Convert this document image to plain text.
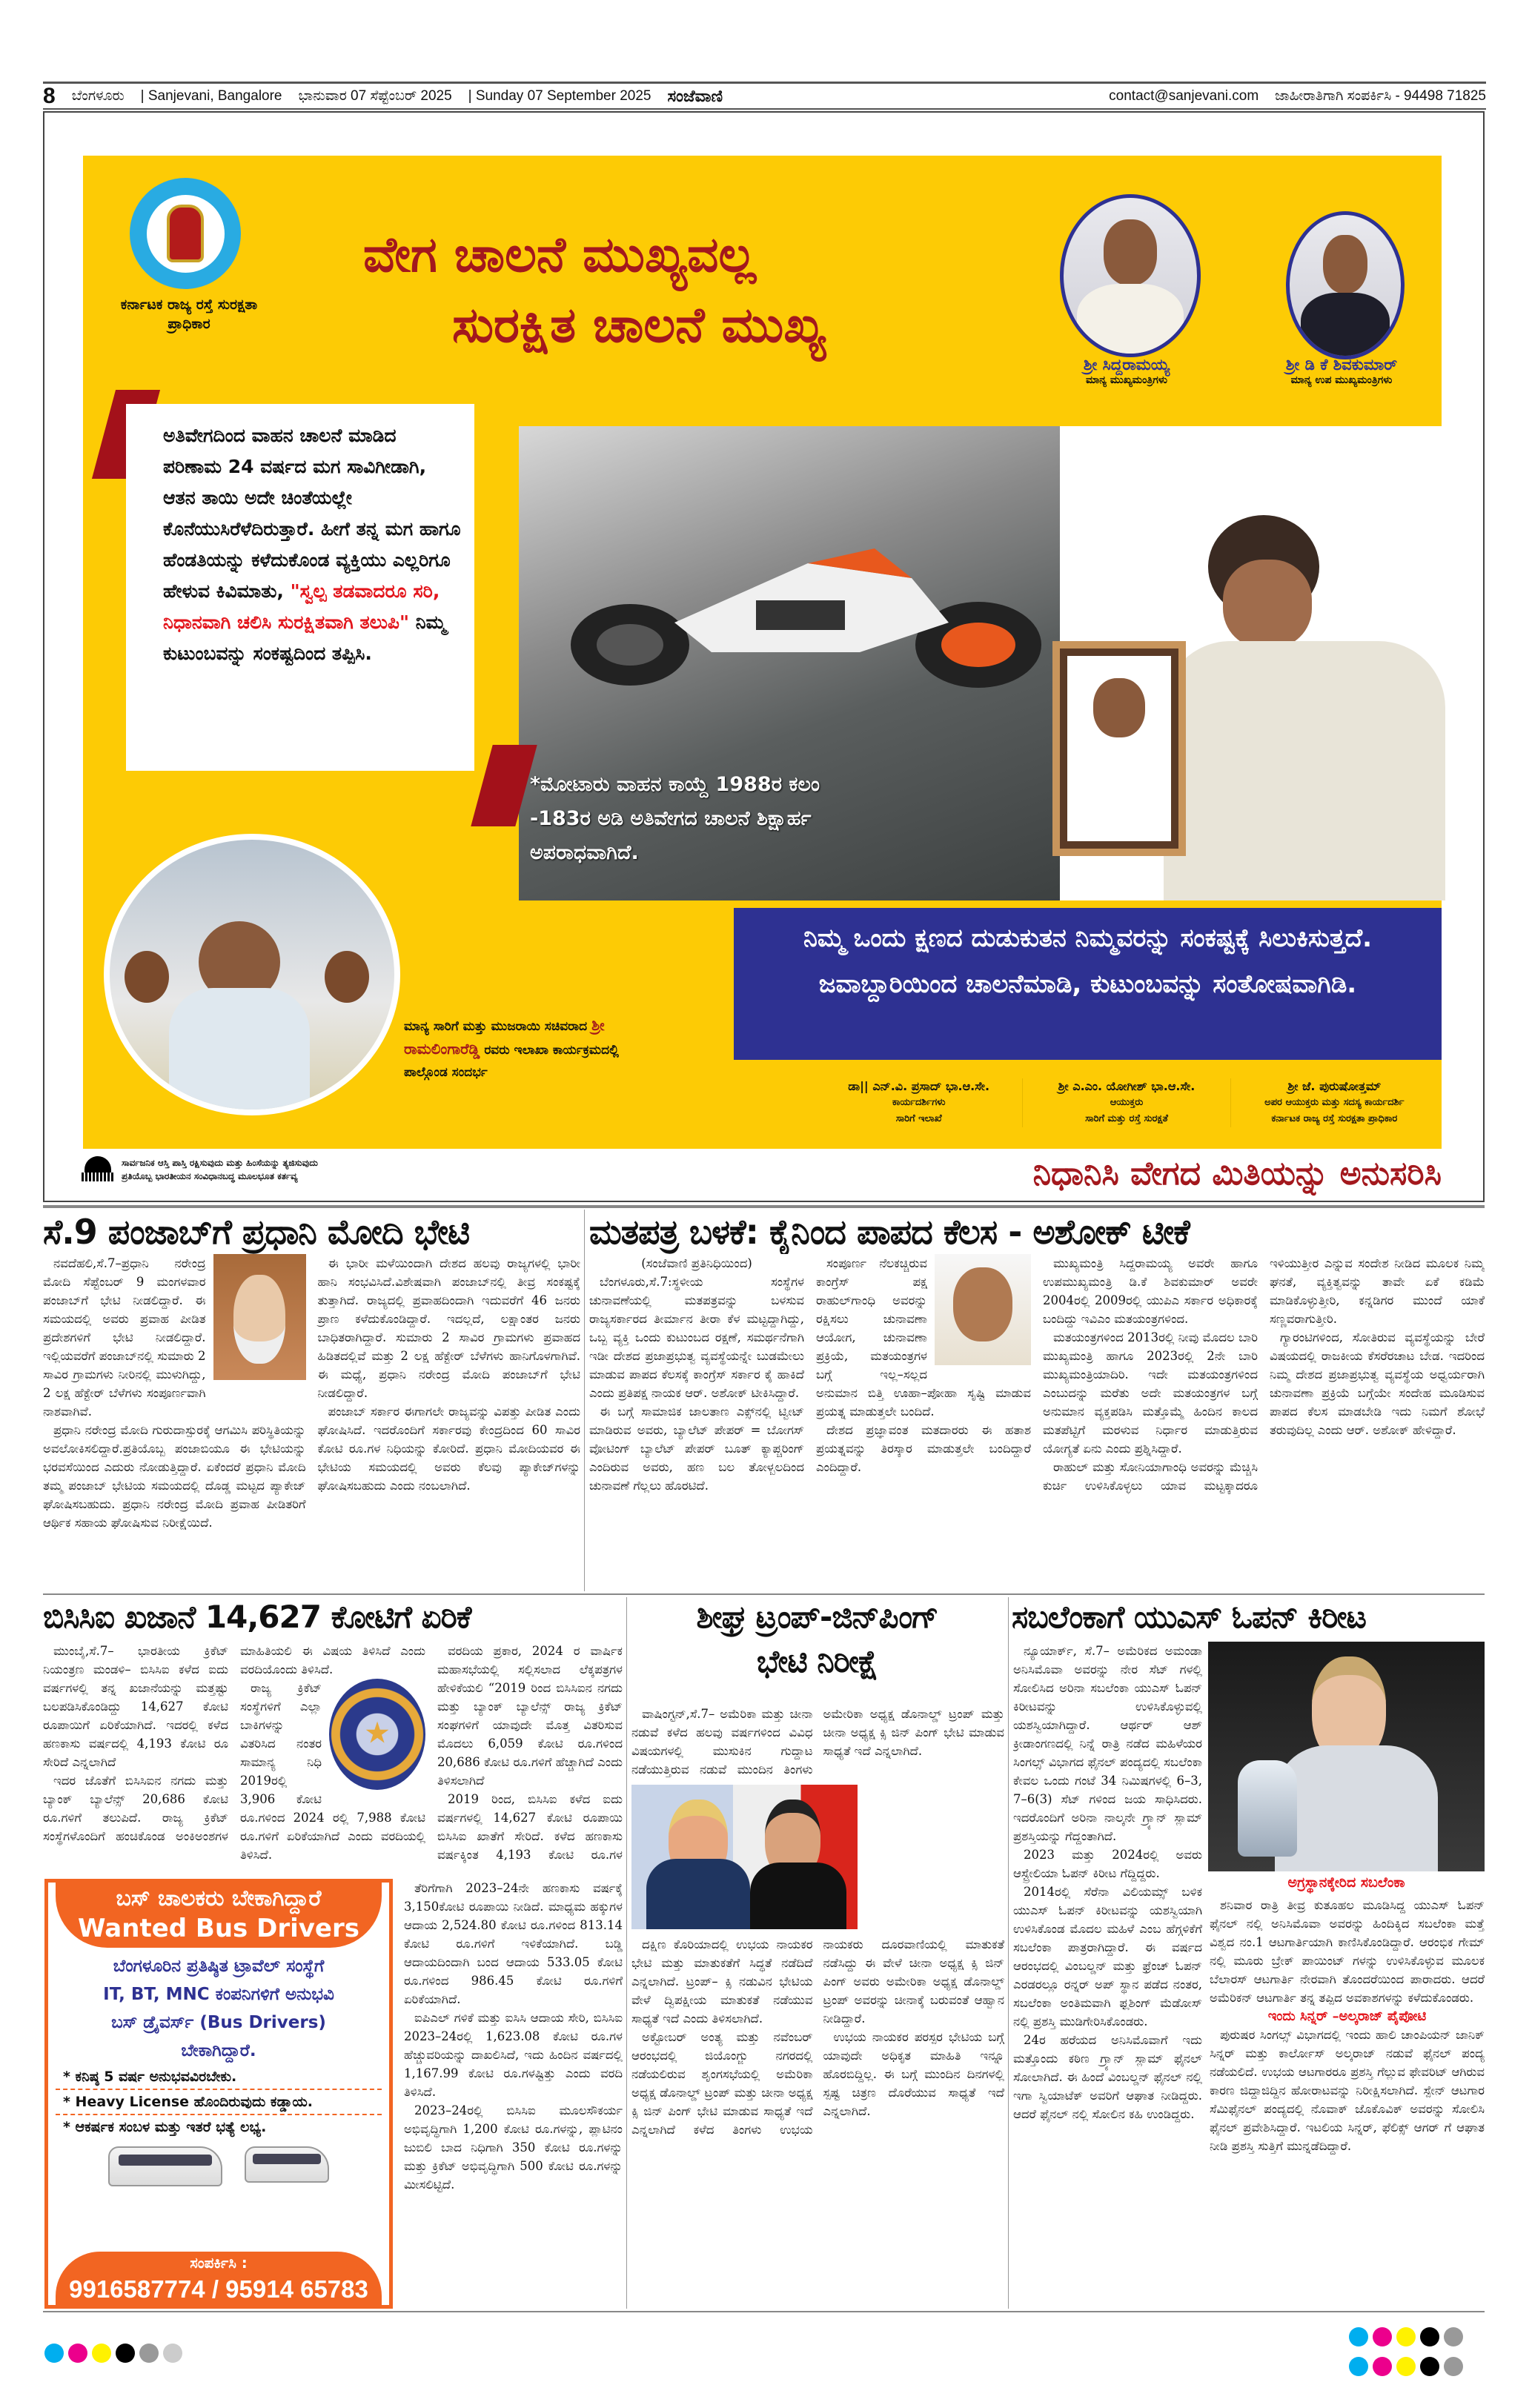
8 ಬೆಂಗಳೂರು | Sanjevani, Bangalore ಭಾನುವಾರ 07 ಸೆಪ್ಟೆಂಬರ್ 2025 | Sunday 07 September 2025 ಸಂಜೆವಾಣಿ	contact@sanjevani.com ಜಾಹೀರಾತಿಗಾಗಿ ಸಂಪರ್ಕಿಸಿ - 94498 71825
ಕರ್ನಾಟಕ ರಾಜ್ಯ ರಸ್ತೆ ಸುರಕ್ಷತಾ ಪ್ರಾಧಿಕಾರ
ವೇಗ ಚಾಲನೆ ಮುಖ್ಯವಲ್ಲ
ಸುರಕ್ಷಿತ ಚಾಲನೆ ಮುಖ್ಯ
ಶ್ರೀ ಸಿದ್ದರಾಮಯ್ಯ
ಮಾನ್ಯ ಮುಖ್ಯಮಂತ್ರಿಗಳು
ಶ್ರೀ ಡಿ ಕೆ ಶಿವಕುಮಾರ್
ಮಾನ್ಯ ಉಪ ಮುಖ್ಯಮಂತ್ರಿಗಳು
ಅತಿವೇಗದಿಂದ ವಾಹನ ಚಾಲನೆ ಮಾಡಿದ ಪರಿಣಾಮ 24 ವರ್ಷದ ಮಗ ಸಾವಿಗೀಡಾಗಿ, ಆತನ ತಾಯಿ ಅದೇ ಚಿಂತೆಯಲ್ಲೇ ಕೊನೆಯುಸಿರೆಳೆದಿರುತ್ತಾರೆ. ಹೀಗೆ ತನ್ನ ಮಗ ಹಾಗೂ ಹೆಂಡತಿಯನ್ನು ಕಳೆದುಕೊಂಡ ವ್ಯಕ್ತಿಯು ಎಲ್ಲರಿಗೂ ಹೇಳುವ ಕಿವಿಮಾತು, "ಸ್ವಲ್ಪ ತಡವಾದರೂ ಸರಿ, ನಿಧಾನವಾಗಿ ಚಲಿಸಿ ಸುರಕ್ಷಿತವಾಗಿ ತಲುಪಿ" ನಿಮ್ಮ ಕುಟುಂಬವನ್ನು ಸಂಕಷ್ಟದಿಂದ ತಪ್ಪಿಸಿ.
*ಮೋಟಾರು ವಾಹನ ಕಾಯ್ದೆ 1988ರ ಕಲಂ -183ರ ಅಡಿ ಅತಿವೇಗದ ಚಾಲನೆ ಶಿಕ್ಷಾರ್ಹ ಅಪರಾಧವಾಗಿದೆ.
ನಿಮ್ಮ ಒಂದು ಕ್ಷಣದ ದುಡುಕುತನ ನಿಮ್ಮವರನ್ನು ಸಂಕಷ್ಟಕ್ಕೆ ಸಿಲುಕಿಸುತ್ತದೆ. ಜವಾಬ್ದಾರಿಯಿಂದ ಚಾಲನೆಮಾಡಿ, ಕುಟುಂಬವನ್ನು ಸಂತೋಷವಾಗಿಡಿ.
ಮಾನ್ಯ ಸಾರಿಗೆ ಮತ್ತು ಮುಜರಾಯಿ ಸಚಿವರಾದ ಶ್ರೀ ರಾಮಲಿಂಗಾರೆಡ್ಡಿ ರವರು ಇಲಾಖಾ ಕಾರ್ಯಕ್ರಮದಲ್ಲಿ ಪಾಲ್ಗೊಂಡ ಸಂದರ್ಭ
ಡಾ|| ಎನ್.ವಿ. ಪ್ರಸಾದ್ ಭಾ.ಆ.ಸೇ.
ಕಾರ್ಯದರ್ಶಿಗಳು
ಸಾರಿಗೆ ಇಲಾಖೆ
ಶ್ರೀ ಎ.ಎಂ. ಯೋಗೀಶ್ ಭಾ.ಆ.ಸೇ.
ಆಯುಕ್ತರು
ಸಾರಿಗೆ ಮತ್ತು ರಸ್ತೆ ಸುರಕ್ಷತೆ
ಶ್ರೀ ಜೆ. ಪುರುಷೋತ್ತಮ್
ಅಪರ ಆಯುಕ್ತರು ಮತ್ತು ಸದಸ್ಯ ಕಾರ್ಯದರ್ಶಿ
ಕರ್ನಾಟಕ ರಾಜ್ಯ ರಸ್ತೆ ಸುರಕ್ಷತಾ ಪ್ರಾಧಿಕಾರ
ಸಾರ್ವಜನಿಕ ಆಸ್ತಿ ಪಾಸ್ತಿ ರಕ್ಷಿಸುವುದು ಮತ್ತು ಹಿಂಸೆಯನ್ನು ತ್ಯಜಿಸುವುದು
ಪ್ರತಿಯೊಬ್ಬ ಭಾರತೀಯನ ಸಂವಿಧಾನಬದ್ಧ ಮೂಲಭೂತ ಕರ್ತವ್ಯ	ನಿಧಾನಿಸಿ ವೇಗದ ಮಿತಿಯನ್ನು ಅನುಸರಿಸಿ
ಸೆ.9 ಪಂಜಾಬ್‌ಗೆ ಪ್ರಧಾನಿ ಮೋದಿ ಭೇಟಿ

ನವದೆಹಲಿ,ಸೆ.7–ಪ್ರಧಾನಿ ನರೇಂದ್ರ ಮೋದಿ ಸೆಪ್ಟೆಂಬರ್ 9 ಮಂಗಳವಾರ ಪಂಜಾಬ್‌ಗೆ ಭೇಟಿ ನೀಡಲಿದ್ದಾರೆ. ಈ ಸಮಯದಲ್ಲಿ ಅವರು ಪ್ರವಾಹ ಪೀಡಿತ ಪ್ರದೇಶಗಳಿಗೆ ಭೇಟಿ ನೀಡಲಿದ್ದಾರೆ. ಇಲ್ಲಿಯವರೆಗೆ ಪಂಜಾಬ್‌ನಲ್ಲಿ ಸುಮಾರು 2 ಸಾವಿರ ಗ್ರಾಮಗಳು ನೀರಿನಲ್ಲಿ ಮುಳುಗಿದ್ದು, 2 ಲಕ್ಷ ಹೆಕ್ಟೇರ್ ಬೆಳೆಗಳು ಸಂಪೂರ್ಣವಾಗಿ ನಾಶವಾಗಿವೆ.

ಪ್ರಧಾನಿ ನರೇಂದ್ರ ಮೋದಿ ಗುರುದಾಸ್ಪುರಕ್ಕೆ ಆಗಮಿಸಿ ಪರಿಸ್ಥಿತಿಯನ್ನು ಅವಲೋಕಿಸಲಿದ್ದಾರೆ.ಪ್ರತಿಯೊಬ್ಬ ಪಂಜಾಬಿಯೂ ಈ ಭೇಟಿಯನ್ನು ಭರವಸೆಯಿಂದ ಎದುರು ನೋಡುತ್ತಿದ್ದಾರೆ. ಏಕೆಂದರೆ ಪ್ರಧಾನಿ ಮೋದಿ ತಮ್ಮ ಪಂಜಾಬ್ ಭೇಟಿಯ ಸಮಯದಲ್ಲಿ ದೊಡ್ಡ ಮಟ್ಟದ ಪ್ಯಾಕೇಜ್ ಘೋಷಿಸಬಹುದು. ಪ್ರಧಾನಿ ನರೇಂದ್ರ ಮೋದಿ ಪ್ರವಾಹ ಪೀಡಿತರಿಗೆ ಆರ್ಥಿಕ ಸಹಾಯ ಘೋಷಿಸುವ ನಿರೀಕ್ಷೆಯಿದೆ.

ಈ ಭಾರೀ ಮಳೆಯಿಂದಾಗಿ ದೇಶದ ಹಲವು ರಾಜ್ಯಗಳಲ್ಲಿ ಭಾರೀ ಹಾನಿ ಸಂಭವಿಸಿದೆ.ವಿಶೇಷವಾಗಿ ಪಂಜಾಬ್‌ನಲ್ಲಿ ತೀವ್ರ ಸಂಕಷ್ಟಕ್ಕೆ ತುತ್ತಾಗಿದೆ. ರಾಜ್ಯದಲ್ಲಿ ಪ್ರವಾಹದಿಂದಾಗಿ ಇದುವರೆಗೆ 46 ಜನರು ಪ್ರಾಣ ಕಳೆದುಕೊಂಡಿದ್ದಾರೆ. ಇದಲ್ಲದೆ, ಲಕ್ಷಾಂತರ ಜನರು ಬಾಧಿತರಾಗಿದ್ದಾರೆ. ಸುಮಾರು 2 ಸಾವಿರ ಗ್ರಾಮಗಳು ಪ್ರವಾಹದ ಹಿಡಿತದಲ್ಲಿವೆ ಮತ್ತು 2 ಲಕ್ಷ ಹೆಕ್ಟೇರ್ ಬೆಳೆಗಳು ಹಾನಿಗೊಳಗಾಗಿವೆ. ಈ ಮಧ್ಯೆ, ಪ್ರಧಾನಿ ನರೇಂದ್ರ ಮೋದಿ ಪಂಜಾಬ್‌ಗೆ ಭೇಟಿ ನೀಡಲಿದ್ದಾರೆ.

ಪಂಜಾಬ್ ಸರ್ಕಾರ ಈಗಾಗಲೇ ರಾಜ್ಯವನ್ನು ವಿಪತ್ತು ಪೀಡಿತ ಎಂದು ಘೋಷಿಸಿದೆ. ಇದರೊಂದಿಗೆ ಸರ್ಕಾರವು ಕೇಂದ್ರದಿಂದ 60 ಸಾವಿರ ಕೋಟಿ ರೂ.ಗಳ ನಿಧಿಯನ್ನು ಕೋರಿದೆ. ಪ್ರಧಾನಿ ಮೋದಿಯವರ ಈ ಭೇಟಿಯ ಸಮಯದಲ್ಲಿ ಅವರು ಕೆಲವು ಪ್ಯಾಕೇಜ್‌ಗಳನ್ನು ಘೋಷಿಸಬಹುದು ಎಂದು ನಂಬಲಾಗಿದೆ.

ಮತಪತ್ರ ಬಳಕೆ: ಕೈನಿಂದ ಪಾಪದ ಕೆಲಸ - ಅಶೋಕ್ ಟೀಕೆ

(ಸಂಜೆವಾಣಿ ಪ್ರತಿನಿಧಿಯಿಂದ)

ಬೆಂಗಳೂರು,ಸೆ.7:ಸ್ಥಳೀಯ ಸಂಸ್ಥೆಗಳ ಚುನಾವಣೆಯಲ್ಲಿ ಮತಪತ್ರವನ್ನು ಬಳಸುವ ರಾಜ್ಯಸರ್ಕಾರದ ತೀರ್ಮಾನ ತೀರಾ ಕೆಳ ಮಟ್ಟದ್ದಾಗಿದ್ದು, ಒಬ್ಬ ವ್ಯಕ್ತಿ ಒಂದು ಕುಟುಂಬದ ರಕ್ಷಣೆ, ಸಮರ್ಥನೆಗಾಗಿ ಇಡೀ ದೇಶದ ಪ್ರಜಾಪ್ರಭುತ್ವ ವ್ಯವಸ್ಥೆಯನ್ನೇ ಬುಡಮೇಲು ಮಾಡುವ ಪಾಪದ ಕೆಲಸಕ್ಕೆ ಕಾಂಗ್ರೆಸ್ ಸರ್ಕಾರ ಕೈ ಹಾಕಿದೆ ಎಂದು ಪ್ರತಿಪಕ್ಷ ನಾಯಕ ಆರ್. ಅಶೋಕ್ ಟೀಕಿಸಿದ್ದಾರೆ.

ಈ ಬಗ್ಗೆ ಸಾಮಾಜಿಕ ಜಾಲತಾಣ ಎಕ್ಸ್‌ನಲ್ಲಿ ಟ್ವೀಟ್ ಮಾಡಿರುವ ಅವರು, ಬ್ಯಾಲೆಟ್ ಪೇಪರ್ = ಬೋಗಸ್ ವೋಟಿಂಗ್ ಬ್ಯಾಲೆಟ್ ಪೇಪರ್ ಬೂತ್ ಕ್ಯಾಪ್ಚರಿಂಗ್ ಎಂದಿರುವ ಅವರು, ಹಣ ಬಲ ತೋಳ್ಬಲದಿಂದ ಚುನಾವಣೆ ಗೆಲ್ಲಲು ಹೊರಟಿದೆ.

ಸಂಪೂರ್ಣ ನೆಲಕಚ್ಚಿರುವ ಕಾಂಗ್ರೆಸ್ ಪಕ್ಷ ರಾಹುಲ್‌ಗಾಂಧಿ ಅವರನ್ನು ರಕ್ಷಿಸಲು ಚುನಾವಣಾ ಆಯೋಗ, ಚುನಾವಣಾ ಪ್ರಕ್ರಿಯೆ, ಮತಯಂತ್ರಗಳ ಬಗ್ಗೆ ಇಲ್ಲ–ಸಲ್ಲದ ಅನುಮಾನ ಬಿತ್ತಿ ಊಹಾ–ಪೋಹಾ ಸೃಷ್ಟಿ ಮಾಡುವ ಪ್ರಯತ್ನ ಮಾಡುತ್ತಲೇ ಬಂದಿದೆ.

ದೇಶದ ಪ್ರಜ್ಞಾವಂತ ಮತದಾರರು ಈ ಹತಾಶ ಪ್ರಯತ್ನವನ್ನು ತಿರಸ್ಕಾರ ಮಾಡುತ್ತಲೇ ಬಂದಿದ್ದಾರೆ ಎಂದಿದ್ದಾರೆ.

ಮುಖ್ಯಮಂತ್ರಿ ಸಿದ್ದರಾಮಯ್ಯ ಅವರೇ ಹಾಗೂ ಉಪಮುಖ್ಯಮಂತ್ರಿ ಡಿ.ಕೆ ಶಿವಕುಮಾರ್ ಅವರೇ 2004ರಲ್ಲಿ 2009ರಲ್ಲಿ ಯುಪಿಎ ಸರ್ಕಾರ ಅಧಿಕಾರಕ್ಕೆ ಬಂದಿದ್ದು ಇವಿಎಂ ಮತಯಂತ್ರಗಳಿಂದ.

ಮತಯಂತ್ರಗಳಿಂದ 2013ರಲ್ಲಿ ನೀವು ಮೊದಲ ಬಾರಿ ಮುಖ್ಯಮಂತ್ರಿ ಹಾಗೂ 2023ರಲ್ಲಿ 2ನೇ ಬಾರಿ ಮುಖ್ಯಮಂತ್ರಿಯಾದಿರಿ. ಇದೇ ಮತಯಂತ್ರಗಳಿಂದ ಎಂಬುದನ್ನು ಮರೆತು ಅದೇ ಮತಯಂತ್ರಗಳ ಬಗ್ಗೆ ಅನುಮಾನ ವ್ಯಕ್ತಪಡಿಸಿ ಮತ್ತೊಮ್ಮೆ ಹಿಂದಿನ ಕಾಲದ ಮತಪೆಟ್ಟಿಗೆ ಮರಳುವ ನಿರ್ಧಾರ ಮಾಡುತ್ತಿರುವ ಯೋಗ್ಯತೆ ಏನು ಎಂದು ಪ್ರಶ್ನಿಸಿದ್ದಾರೆ.

ರಾಹುಲ್ ಮತ್ತು ಸೋನಿಯಾಗಾಂಧಿ ಅವರನ್ನು ಮೆಚ್ಚಿಸಿ ಕುರ್ಚಿ ಉಳಿಸಿಕೊಳ್ಳಲು ಯಾವ ಮಟ್ಟಕ್ಕಾದರೂ ಇಳಿಯುತ್ತೀರ ಎನ್ನುವ ಸಂದೇಶ ನೀಡಿದ ಮೂಲಕ ನಿಮ್ಮ ಘನತೆ, ವ್ಯಕ್ತಿತ್ವವನ್ನು ತಾವೇ ಏಕೆ ಕಡಿಮೆ ಮಾಡಿಕೊಳ್ಳುತ್ತೀರಿ, ಕನ್ನಡಿಗರ ಮುಂದೆ ಯಾಕೆ ಸಣ್ಣವರಾಗುತ್ತೀರಿ.

ಗ್ಯಾರಂಟಿಗಳಿಂದ, ಸೋತಿರುವ ವ್ಯವಸ್ಥೆಯನ್ನು ಬೇರೆ ವಿಷಯದಲ್ಲಿ ರಾಜಕೀಯ ಕೆಸರೆರಚಾಟ ಬೇಡ. ಇದರಿಂದ ನಿಮ್ಮ ದೇಶದ ಪ್ರಜಾಪ್ರಭುತ್ವ ವ್ಯವಸ್ಥೆಯ ಅಧ್ವರ್ಯರಾಗಿ ಚುನಾವಣಾ ಪ್ರಕ್ರಿಯೆ ಬಗ್ಗೆಯೇ ಸಂದೇಹ ಮೂಡಿಸುವ ಪಾಪದ ಕೆಲಸ ಮಾಡಬೇಡಿ ಇದು ನಿಮಗೆ ಶೋಭೆ ತರುವುದಿಲ್ಲ ಎಂದು ಆರ್. ಅಶೋಕ್ ಹೇಳಿದ್ದಾರೆ.

ಬಿಸಿಸಿಐ ಖಜಾನೆ 14,627 ಕೋಟಿಗೆ ಏರಿಕೆ

ಮುಂಬೈ,ಸೆ.7– ಭಾರತೀಯ ಕ್ರಿಕೆಟ್ ನಿಯಂತ್ರಣ ಮಂಡಳಿ– ಬಿಸಿಸಿಐ ಕಳೆದ ಐದು ವರ್ಷಗಳಲ್ಲಿ ತನ್ನ ಖಜಾನೆಯನ್ನು ಮತ್ತಷ್ಟು ಬಲಪಡಿಸಿಕೊಂಡಿದ್ದು 14,627 ಕೋಟಿ ರೂಪಾಯಿಗೆ ಏರಿಕೆಯಾಗಿದೆ. ಇದರಲ್ಲಿ ಕಳೆದ ಹಣಕಾಸು ವರ್ಷದಲ್ಲಿ 4,193 ಕೋಟಿ ರೂ ಸೇರಿದೆ ಎನ್ನಲಾಗಿದೆ

ಇದರ ಜೊತೆಗೆ ಬಿಸಿಸಿಐನ ನಗದು ಮತ್ತು ಬ್ಯಾಂಕ್ ಬ್ಯಾಲೆನ್ಸ್ 20,686 ಕೋಟಿ ರೂ.ಗಳಿಗೆ ತಲುಪಿದೆ. ರಾಜ್ಯ ಕ್ರಿಕೆಟ್ ಸಂಸ್ಥೆಗಳೊಂದಿಗೆ ಹಂಚಿಕೊಂಡ ಅಂಕಿಅಂಶಗಳ ಮಾಹಿತಿಯಲಿ ಈ ವಿಷಯ ತಿಳಿಸಿದೆ ಎಂದು ವರದಿಯೊಂದು ತಿಳಿಸಿದೆ.

★

ರಾಜ್ಯ ಕ್ರಿಕೆಟ್ ಸಂಸ್ಥೆಗಳಿಗೆ ಎಲ್ಲಾ ಬಾಕಿಗಳನ್ನು ವಿತರಿಸಿದ ನಂತರ ಸಾಮಾನ್ಯ ನಿಧಿ 2019ರಲ್ಲಿ 3,906 ಕೋಟಿ ರೂ.ಗಳಿಂದ 2024 ರಲ್ಲಿ 7,988 ಕೋಟಿ ರೂ.ಗಳಿಗೆ ಏರಿಕೆಯಾಗಿದೆ ಎಂದು ವರದಿಯಲ್ಲಿ ತಿಳಿಸಿದೆ.

ವರದಿಯ ಪ್ರಕಾರ, 2024 ರ ವಾರ್ಷಿಕ ಮಹಾಸಭೆಯಲ್ಲಿ ಸಲ್ಲಿಸಲಾದ ಲೆಕ್ಕಪತ್ರಗಳ ಹೇಳಿಕೆಯಲಿ “2019 ರಿಂದ ಬಿಸಿಸಿಐನ ನಗದು ಮತ್ತು ಬ್ಯಾಂಕ್ ಬ್ಯಾಲೆನ್ಸ್ ರಾಜ್ಯ ಕ್ರಿಕೆಟ್ ಸಂಘಗಳಿಗೆ ಯಾವುದೇ ಮೊತ್ತ ವಿತರಿಸುವ ಮೊದಲು 6,059 ಕೋಟಿ ರೂ.ಗಳಿಂದ 20,686 ಕೋಟಿ ರೂ.ಗಳಿಗೆ ಹೆಚ್ಚಾಗಿದೆ ಎಂದು ತಿಳಿಸಲಾಗಿದೆ

2019 ರಿಂದ, ಬಿಸಿಸಿಐ ಕಳೆದ ಐದು ವರ್ಷಗಳಲ್ಲಿ 14,627 ಕೋಟಿ ರೂಪಾಯಿ ಬಿಸಿಸಿಐ ಖಾತೆಗೆ ಸೇರಿದೆ. ಕಳೆದ ಹಣಕಾಸು ವರ್ಷಕ್ಕಿಂತ 4,193 ಕೋಟಿ ರೂ.ಗಳ

ತೆರಿಗೆಗಾಗಿ 2023–24ನೇ ಹಣಕಾಸು ವರ್ಷಕ್ಕೆ 3,150ಕೋಟಿ ರೂಪಾಯಿ ನೀಡಿದೆ. ಮಾಧ್ಯಮ ಹಕ್ಕುಗಳ ಆದಾಯ 2,524.80 ಕೋಟಿ ರೂ.ಗಳಿಂದ 813.14 ಕೋಟಿ ರೂ.ಗಳಿಗೆ ಇಳಿಕೆಯಾಗಿದೆ. ಬಡ್ಡಿ ಆದಾಯದಿಂದಾಗಿ ಬಂದ ಆದಾಯ 533.05 ಕೋಟಿ ರೂ.ಗಳಿಂದ 986.45 ಕೋಟಿ ರೂ.ಗಳಿಗೆ ಏರಿಕೆಯಾಗಿದೆ.

ಐಪಿಎಲ್ ಗಳಿಕೆ ಮತ್ತು ಐಸಿಸಿ ಆದಾಯ ಸೇರಿ, ಬಿಸಿಸಿಐ 2023–24ರಲ್ಲಿ 1,623.08 ಕೋಟಿ ರೂ.ಗಳ ಹೆಚ್ಚುವರಿಯನ್ನು ದಾಖಲಿಸಿದೆ, ಇದು ಹಿಂದಿನ ವರ್ಷದಲ್ಲಿ 1,167.99 ಕೋಟಿ ರೂ.ಗಳಷ್ಟಿತ್ತು ಎಂದು ವರದಿ ತಿಳಿಸಿದೆ.

2023–24ರಲ್ಲಿ ಬಿಸಿಸಿಐ ಮೂಲಸೌಕರ್ಯ ಅಭಿವೃದ್ಧಿಗಾಗಿ 1,200 ಕೋಟಿ ರೂ.ಗಳನ್ನು, ಪ್ಲಾಟಿನಂ ಜುಬಿಲಿ ಬಾದ ನಿಧಿಗಾಗಿ 350 ಕೋಟಿ ರೂ.ಗಳನ್ನು ಮತ್ತು ಕ್ರಿಕೆಟ್ ಅಭಿವೃದ್ಧಿಗಾಗಿ 500 ಕೋಟಿ ರೂ.ಗಳನ್ನು ಮೀಸಲಿಟ್ಟಿದೆ.

ಬಸ್ ಚಾಲಕರು ಬೇಕಾಗಿದ್ದಾರೆ
Wanted Bus Drivers
ಬೆಂಗಳೂರಿನ ಪ್ರತಿಷ್ಠಿತ ಟ್ರಾವೆಲ್ ಸಂಸ್ಥೆಗೆ
IT, BT, MNC ಕಂಪನಿಗಳಿಗೆ ಅನುಭವಿ
ಬಸ್ ಡ್ರೈವರ್ಸ್ (Bus Drivers)
ಬೇಕಾಗಿದ್ದಾರೆ.
* ಕನಿಷ್ಠ 5 ವರ್ಷ ಅನುಭವವಿರಬೇಕು.
* Heavy License ಹೊಂದಿರುವುದು ಕಡ್ಡಾಯ.
* ಆಕರ್ಷಕ ಸಂಬಳ ಮತ್ತು ಇತರೆ ಭತ್ಯೆ ಲಭ್ಯ.
ಸಂಪರ್ಕಿಸಿ :
9916587774 / 95914 65783
ಶೀಘ್ರ ಟ್ರಂಪ್-ಜಿನ್‌ಪಿಂಗ್
ಭೇಟಿ ನಿರೀಕ್ಷೆ

ವಾಷಿಂಗ್ಟನ್,ಸೆ.7– ಅಮೆರಿಕಾ ಮತ್ತು ಚೀನಾ ನಡುವೆ ಕಳೆದ ಹಲವು ವರ್ಷಗಳಿಂದ ವಿವಿಧ ವಿಷಯಗಳಲ್ಲಿ ಮುಸುಕಿನ ಗುದ್ದಾಟ ನಡೆಯುತ್ತಿರುವ ನಡುವೆ ಮುಂದಿನ ತಿಂಗಳು ಅಮೇರಿಕಾ ಅಧ್ಯಕ್ಷ ಡೊನಾಲ್ಡ್ ಟ್ರಂಪ್ ಮತ್ತು ಚೀನಾ ಅಧ್ಯಕ್ಷ ಕ್ಸಿ ಜಿನ್ ಪಿಂಗ್ ಭೇಟಿ ಮಾಡುವ ಸಾಧ್ಯತೆ ಇದೆ ಎನ್ನಲಾಗಿದೆ.

ದಕ್ಷಿಣ ಕೊರಿಯಾದಲ್ಲಿ ಉಭಯ ನಾಯಕರ ಭೇಟಿ ಮತ್ತು ಮಾತುಕತೆಗೆ ಸಿದ್ಧತೆ ನಡೆದಿದೆ ಎನ್ನಲಾಗಿದೆ. ಟ್ರಂಪ್– ಕ್ಸಿ ನಡುವಿನ ಭೇಟಿಯ ವೇಳೆ ದ್ವಿಪಕ್ಷೀಯ ಮಾತುಕತೆ ನಡೆಯುವ ಸಾಧ್ಯತೆ ಇದೆ ಎಂದು ತಿಳಿಸಲಾಗಿದೆ.

ಅಕ್ಟೋಬರ್ ಅಂತ್ಯ ಮತ್ತು ನವೆಂಬರ್ ಆರಂಭದಲ್ಲಿ ಜಿಯೊಂಗ್ಜು ನಗರದಲ್ಲಿ ನಡೆಯಲಿರುವ ಶೃಂಗಸಭೆಯಲ್ಲಿ ಅಮೆರಿಕಾ ಅಧ್ಯಕ್ಷ ಡೊನಾಲ್ಡ್ ಟ್ರಂಪ್ ಮತ್ತು ಚೀನಾ ಅಧ್ಯಕ್ಷ ಕ್ಸಿ ಜಿನ್ ಪಿಂಗ್ ಭೇಟಿ ಮಾಡುವ ಸಾಧ್ಯತೆ ಇದೆ ಎನ್ನಲಾಗಿದೆ ಕಳೆದ ತಿಂಗಳು ಉಭಯ ನಾಯಕರು ದೂರವಾಣಿಯಲ್ಲಿ ಮಾತುಕತೆ ನಡೆಸಿದ್ದು ಈ ವೇಳೆ ಚೀನಾ ಅಧ್ಯಕ್ಷ ಕ್ಸಿ ಜಿನ್ ಪಿಂಗ್ ಅವರು ಅಮೇರಿಕಾ ಅಧ್ಯಕ್ಷ ಡೊನಾಲ್ಡ್ ಟ್ರಂಪ್ ಅವರನ್ನು ಚೀನಾಕ್ಕೆ ಬರುವಂತೆ ಆಹ್ವಾನ ನೀಡಿದ್ದಾರೆ.

ಉಭಯ ನಾಯಕರ ಪರಸ್ಪರ ಭೇಟಿಯ ಬಗ್ಗೆ ಯಾವುದೇ ಅಧಿಕೃತ ಮಾಹಿತಿ ಇನ್ನೂ ಹೊರಬಿದ್ದಿಲ್ಲ. ಈ ಬಗ್ಗೆ ಮುಂದಿನ ದಿನಗಳಲ್ಲಿ ಸ್ಪಷ್ಟ ಚಿತ್ರಣ ದೊರೆಯುವ ಸಾಧ್ಯತೆ ಇದೆ ಎನ್ನಲಾಗಿದೆ.

ಸಬಲೆಂಕಾಗೆ ಯುಎಸ್ ಓಪನ್ ಕಿರೀಟ
ಅಗ್ರಸ್ಥಾನಕ್ಕೇರಿದ ಸಬಲೆಂಕಾ

ನ್ಯೂಯಾರ್ಕ್, ಸೆ.7– ಅಮೆರಿಕದ ಅಮಂಡಾ ಅನಿಸಿಮೊವಾ ಅವರನ್ನು ನೇರ ಸೆಟ್ ಗಳಲ್ಲಿ ಸೋಲಿಸಿದ ಅರಿನಾ ಸಬಲೆಂಕಾ ಯುಎಸ್ ಓಪನ್ ಕಿರೀಟವನ್ನು ಉಳಿಸಿಕೊಳ್ಳುವಲ್ಲಿ ಯಶಸ್ವಿಯಾಗಿದ್ದಾರೆ. ಆರ್ಥರ್ ಆಶ್ ಕ್ರೀಡಾಂಗಣದಲ್ಲಿ ನಿನ್ನೆ ರಾತ್ರಿ ನಡೆದ ಮಹಿಳೆಯರ ಸಿಂಗಲ್ಸ್ ವಿಭಾಗದ ಫೈನಲ್ ಪಂದ್ಯದಲ್ಲಿ ಸಬಲೆಂಕಾ ಕೇವಲ ಒಂದು ಗಂಟೆ 34 ನಿಮಿಷಗಳಲ್ಲಿ 6–3, 7–6(3) ಸೆಟ್ ಗಳಿಂದ ಜಯ ಸಾಧಿಸಿದರು. ಇದರೊಂದಿಗೆ ಅರಿನಾ ನಾಲ್ಕನೇ ಗ್ರ್ಯಾನ್ ಸ್ಲಾಮ್ ಪ್ರಶಸ್ತಿಯನ್ನು ಗೆದ್ದಂತಾಗಿದೆ.

2023 ಮತ್ತು 2024ರಲ್ಲಿ ಅವರು ಆಸ್ಟ್ರೇಲಿಯಾ ಓಪನ್ ಕಿರೀಟ ಗೆದ್ದಿದ್ದರು.

2014ರಲ್ಲಿ ಸೆರೆನಾ ವಿಲಿಯಮ್ಸ್ ಬಳಿಕ ಯುಎಸ್ ಓಪನ್ ಕಿರೀಟವನ್ನು ಯಶಸ್ವಿಯಾಗಿ ಉಳಿಸಿಕೊಂಡ ಮೊದಲ ಮಹಿಳೆ ಎಂಬ ಹೆಗ್ಗಳಿಕೆಗೆ ಸಬಲೆಂಕಾ ಪಾತ್ರರಾಗಿದ್ದಾರೆ. ಈ ವರ್ಷದ ಆರಂಭದಲ್ಲಿ ವಿಂಬಲ್ಡನ್ ಮತ್ತು ಫ್ರೆಂಚ್ ಓಪನ್ ಎರಡರಲ್ಲೂ ರನ್ನರ್ ಅಪ್ ಸ್ಥಾನ ಪಡೆದ ನಂತರ, ಸಬಲೆಂಕಾ ಅಂತಿಮವಾಗಿ ಫ್ಲಶಿಂಗ್ ಮೆಡೋಸ್ ನಲ್ಲಿ ಪ್ರಶಸ್ತಿ ಮುಡಿಗೇರಿಸಿಕೊಂಡರು.

24ರ ಹರೆಯದ ಅನಿಸಿಮೊವಾಗೆ ಇದು ಮತ್ತೊಂದು ಕಠಿಣ ಗ್ರ್ಯಾನ್ ಸ್ಲಾಮ್ ಫೈನಲ್ ಸೋಲಾಗಿದೆ. ಈ ಹಿಂದೆ ವಿಂಬಲ್ಡನ್ ಫೈನಲ್ ನಲ್ಲಿ ಇಗಾ ಸ್ವಿಯಾಟೆಕ್ ಅವರಿಗೆ ಆಘಾತ ನೀಡಿದ್ದರು. ಆದರೆ ಫೈನಲ್ ನಲ್ಲಿ ಸೋಲಿನ ಕಹಿ ಉಂಡಿದ್ದರು.

ಶನಿವಾರ ರಾತ್ರಿ ತೀವ್ರ ಕುತೂಹಲ ಮೂಡಿಸಿದ್ದ ಯುಎಸ್ ಓಪನ್ ಫೈನಲ್ ನಲ್ಲಿ ಅನಿಸಿಮೊವಾ ಅವರನ್ನು ಹಿಂದಿಕ್ಕಿದ ಸಬಲೆಂಕಾ ಮತ್ತೆ ವಿಶ್ವದ ನಂ.1 ಆಟಗಾರ್ತಿಯಾಗಿ ಕಾಣಿಸಿಕೊಂಡಿದ್ದಾರೆ. ಆರಂಭಿಕ ಗೇಮ್ ನಲ್ಲಿ ಮೂರು ಬ್ರೇಕ್ ಪಾಯಿಂಟ್ ಗಳನ್ನು ಉಳಿಸಿಕೊಳ್ಳುವ ಮೂಲಕ ಬೆಲಾರಸ್ ಆಟಗಾರ್ತಿ ನೇರವಾಗಿ ತೊಂದರೆಯಿಂದ ಪಾರಾದರು. ಆದರೆ ಅಮೆರಿಕನ್ ಆಟಗಾರ್ತಿ ತನ್ನ ತಪ್ಪಿದ ಅವಕಾಶಗಳನ್ನು ಕಳೆದುಕೊಂಡರು.

ಇಂದು ಸಿನ್ನರ್ –ಅಲ್ಕರಾಜ್ ಪೈಪೋಟಿ

ಪುರುಷರ ಸಿಂಗಲ್ಸ್ ವಿಭಾಗದಲ್ಲಿ ಇಂದು ಹಾಲಿ ಚಾಂಪಿಯನ್ ಜಾನಿಕ್ ಸಿನ್ನರ್ ಮತ್ತು ಕಾರ್ಲೋಸ್ ಅಲ್ಕರಾಜ್ ನಡುವೆ ಫೈನಲ್ ಪಂದ್ಯ ನಡೆಯಲಿದೆ. ಉಭಯ ಆಟಗಾರರೂ ಪ್ರಶಸ್ತಿ ಗೆಲ್ಲುವ ಫೇವರಿಟ್ ಆಗಿರುವ ಕಾರಣ ಜಿದ್ದಾಜಿದ್ದಿನ ಹೋರಾಟವನ್ನು ನಿರೀಕ್ಷಿಸಲಾಗಿದೆ. ಸ್ಪೇನ್ ಆಟಗಾರ ಸೆಮಿಫೈನಲ್ ಪಂದ್ಯದಲ್ಲಿ ನೊವಾಕ್ ಜೊಕೊವಿಕ್ ಅವರನ್ನು ಸೋಲಿಸಿ ಫೈನಲ್ ಪ್ರವೇಶಿಸಿದ್ದಾರೆ. ಇಟಲಿಯ ಸಿನ್ನರ್, ಫೆಲಿಕ್ಸ್ ಆಗರ್ ಗೆ ಆಘಾತ ನೀಡಿ ಪ್ರಶಸ್ತಿ ಸುತ್ತಿಗೆ ಮುನ್ನಡೆದಿದ್ದಾರೆ.
